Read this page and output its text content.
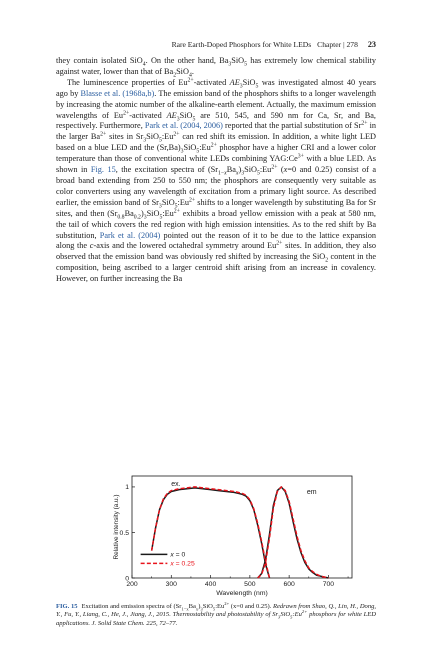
Rare Earth-Doped Phosphors for White LEDs Chapter | 278 23

they contain isolated SiO$_4$. On the other hand, $Ba_3SiO_5$ has extremely low chemical stability against water, lower than that of $Ba_2SiO_4$.

The luminescence properties of $Eu^{2+}$-activated $AE_3SiO_5$ was investigated almost 40 years ago by Blasse et al. (1968a,b). The emission band of the phosphors shifts to a longer wavelength by increasing the atomic number of the alkaline-earth element. Actually, the maximum emission wavelengths of $Eu^{2+}$-activated $AE_3SiO_5$ are 510, 545, and 590 nm for Ca, Sr, and Ba, respectively. Furthermore, Park et al. (2004, 2006) reported that the partial substitution of $Sr^{2+}$ in the larger $Ba^{2+}$ sites in $Sr_3SiO_5:Eu^{2+}$ can red shift its emission. In addition, a white light LED based on a blue LED and the $(Sr,Ba)_3SiO_5:Eu^{2+}$ phosphor have a higher CRI and a lower color temperature than those of conventional white LEDs combining $YAG:Ce^{3+}$ with a blue LED. As shown in Fig. 15, the excitation spectra of $(Sr_{1-x}Ba_x)_3SiO_5:Eu^{2+}$ (x=0 and 0.25) consist of a broad band extending from 250 to 550 nm; the phosphors are consequently very suitable as color converters using any wavelength of excitation from a primary light source. As described earlier, the emission band of $Sr_3SiO_5:Eu^{2+}$ shifts to a longer wavelength by substituting Ba for Sr sites, and then $(Sr_{0.8}Ba_{0.2})_3SiO_5:Eu^{2+}$ exhibits a broad yellow emission with a peak at 580 nm, the tail of which covers the red region with high emission intensities. As to the red shift by Ba substitution, Park et al. (2004) pointed out the reason of it to be due to the lattice expansion along the c-axis and the lowered octahedral symmetry around $Eu^{2+}$ sites. In addition, they also observed that the emission band was obviously red shifted by increasing the SiO$_2$ content in the composition, being ascribed to a larger centroid shift arising from an increase in covalency. However, on further increasing the Ba

200	300	400	500	600	700
0
0.5
1
Wavelength (nm)
Relative intensity (a.u.)
ex.
em
x = 0
x = 0.25
FIG. 15 Excitation and emission spectra of $(Sr_{1-x}Ba_x)_3SiO_5:Eu^{2+}$ (x=0 and 0.25). Redrawn from Shao, Q., Lin, H., Dong, Y., Fu, Y., Liang, C., He, J., Jiang, J., 2015. Thermostability and photostability of $Sr_3SiO_5:Eu^{2+}$ phosphors for white LED applications. J. Solid State Chem. 225, 72–77.
